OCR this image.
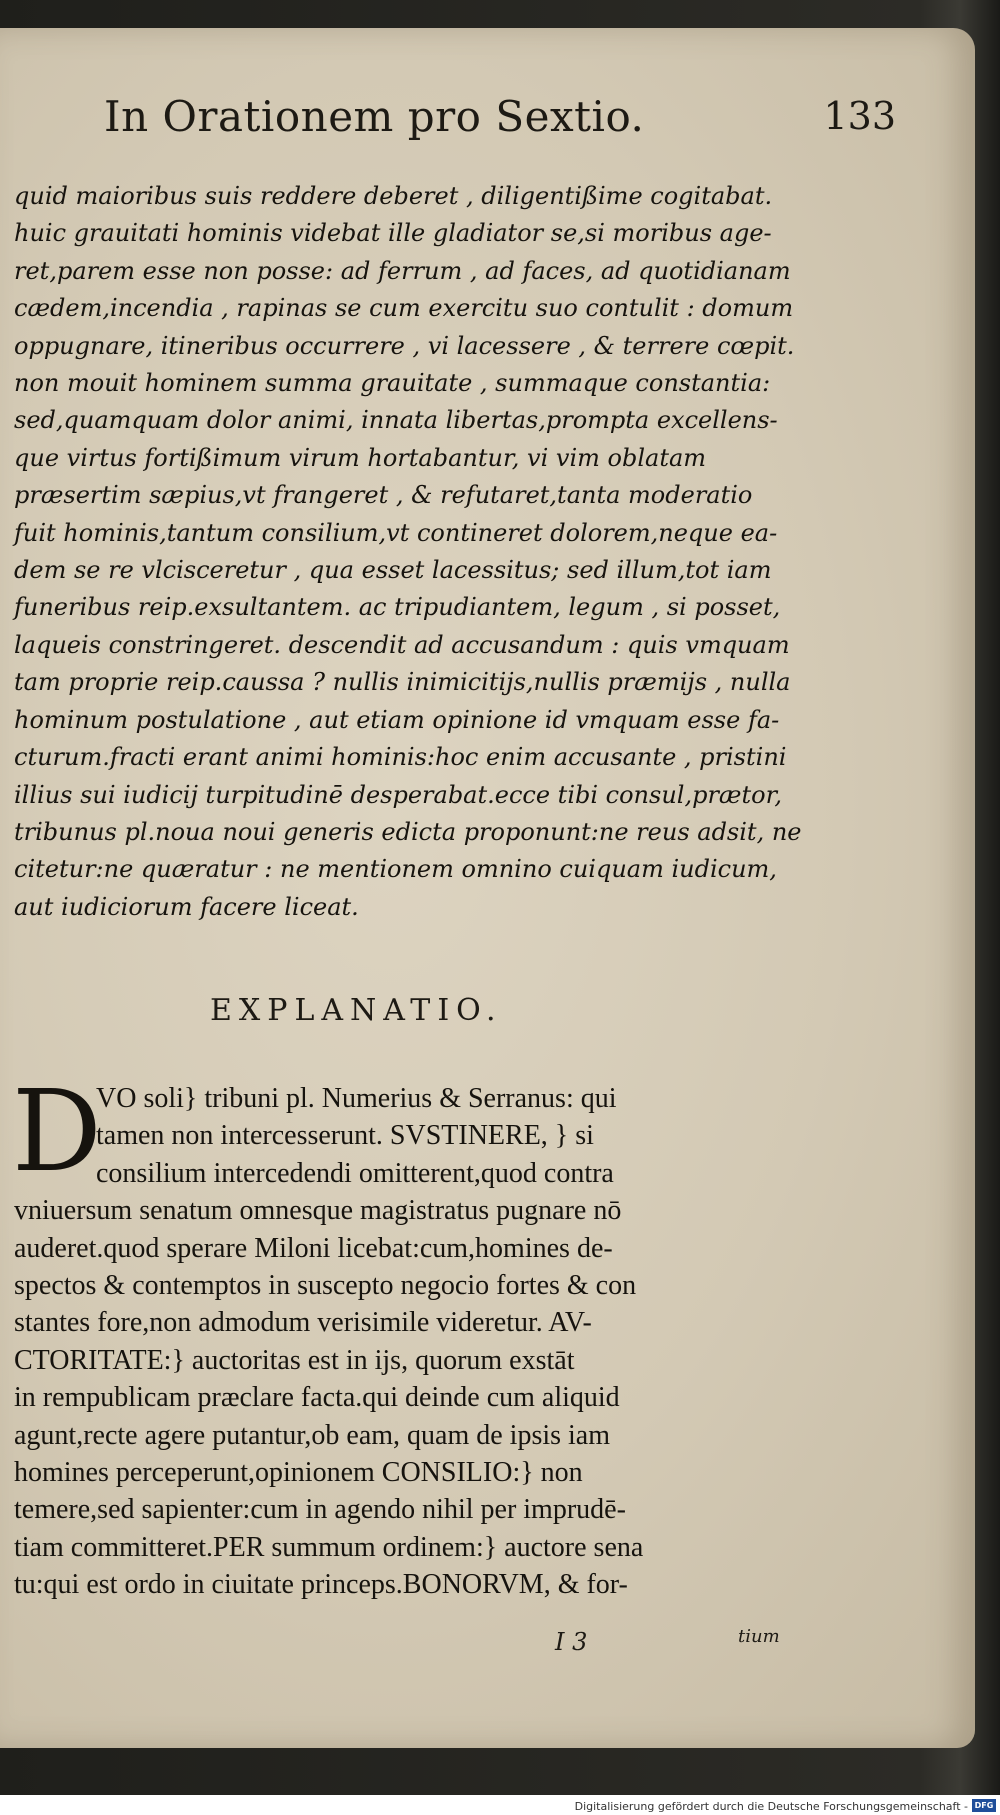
In Orationem pro Sextio.	133
quid maioribus suis reddere deberet , diligentißime cogitabat.
huic grauitati hominis videbat ille gladiator se,si moribus age-
ret,parem esse non posse: ad ferrum , ad faces, ad quotidianam
cædem,incendia , rapinas se cum exercitu suo contulit : domum
oppugnare, itineribus occurrere , vi lacessere , & terrere cœpit.
non mouit hominem summa grauitate , summaque constantia:
sed,quamquam dolor animi, innata libertas,prompta excellens-
que virtus fortißimum virum hortabantur, vi vim oblatam
præsertim sæpius,vt frangeret , & refutaret,tanta moderatio
fuit hominis,tantum consilium,vt contineret dolorem,neque ea-
dem se re vlcisceretur , qua esset lacessitus; sed illum,tot iam
funeribus reip.exsultantem. ac tripudiantem, legum , si posset,
laqueis constringeret. descendit ad accusandum : quis vmquam
tam proprie reip.caussa ? nullis inimicitijs,nullis præmijs , nulla
hominum postulatione , aut etiam opinione id vmquam esse fa-
cturum.fracti erant animi hominis:hoc enim accusante , pristini
illius sui iudicij turpitudinē desperabat.ecce tibi consul,prætor,
tribunus pl.noua noui generis edicta proponunt:ne reus adsit, ne
citetur:ne quæratur : ne mentionem omnino cuiquam iudicum,
aut iudiciorum facere liceat.
EXPLANATIO.
D
VO soli} tribuni pl. Numerius & Serranus: qui
tamen non intercesserunt. SVSTINERE, } si
consilium intercedendi omitterent,quod contra
vniuersum senatum omnesque magistratus pugnare nō
auderet.quod sperare Miloni licebat:cum,homines de-
spectos & contemptos in suscepto negocio fortes & con
stantes fore,non admodum verisimile videretur. AV-
CTORITATE:} auctoritas est in ijs, quorum exstāt
in rempublicam præclare facta.qui deinde cum aliquid
agunt,recte agere putantur,ob eam, quam de ipsis iam
homines perceperunt,opinionem CONSILIO:} non
temere,sed sapienter:cum in agendo nihil per imprudē-
tiam committeret.PER summum ordinem:} auctore sena
tu:qui est ordo in ciuitate princeps.BONORVM, & for-
I 3	tium
Digitalisierung gefördert durch die Deutsche Forschungsgemeinschaft - DFG
